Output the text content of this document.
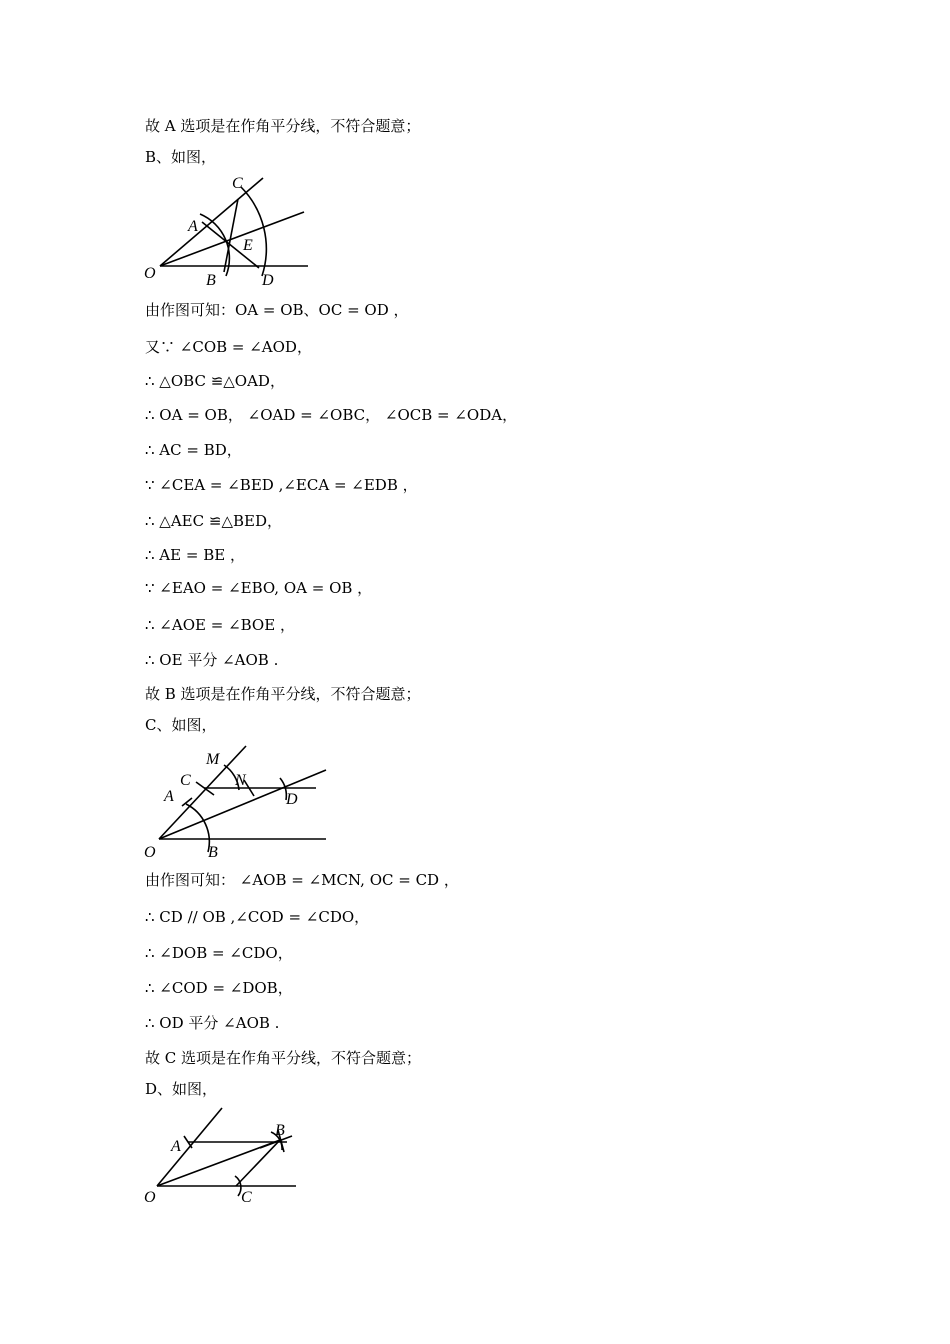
故 A 选项是在作角平分线，不符合题意；
B、如图，
O
A
B
C
D
E
由作图可知：OA = OB、OC = OD ，
又∵ ∠COB = ∠AOD，
∴ △OBC ≌△OAD，
∴ OA = OB， ∠OAD = ∠OBC， ∠OCB = ∠ODA，
∴ AC = BD，
∵ ∠CEA = ∠BED ,∠ECA = ∠EDB ，
∴ △AEC ≌△BED，
∴ AE = BE ，
∵ ∠EAO = ∠EBO, OA = OB ，
∴ ∠AOE = ∠BOE ，
∴ OE 平分 ∠AOB .
故 B 选项是在作角平分线，不符合题意；
C、如图，
O
A
B
C
D
M
N
由作图可知： ∠AOB = ∠MCN, OC = CD ，
∴ CD // OB ,∠COD = ∠CDO，
∴ ∠DOB = ∠CDO，
∴ ∠COD = ∠DOB，
∴ OD 平分 ∠AOB .
故 C 选项是在作角平分线，不符合题意；
D、如图，
O
A
B
C
